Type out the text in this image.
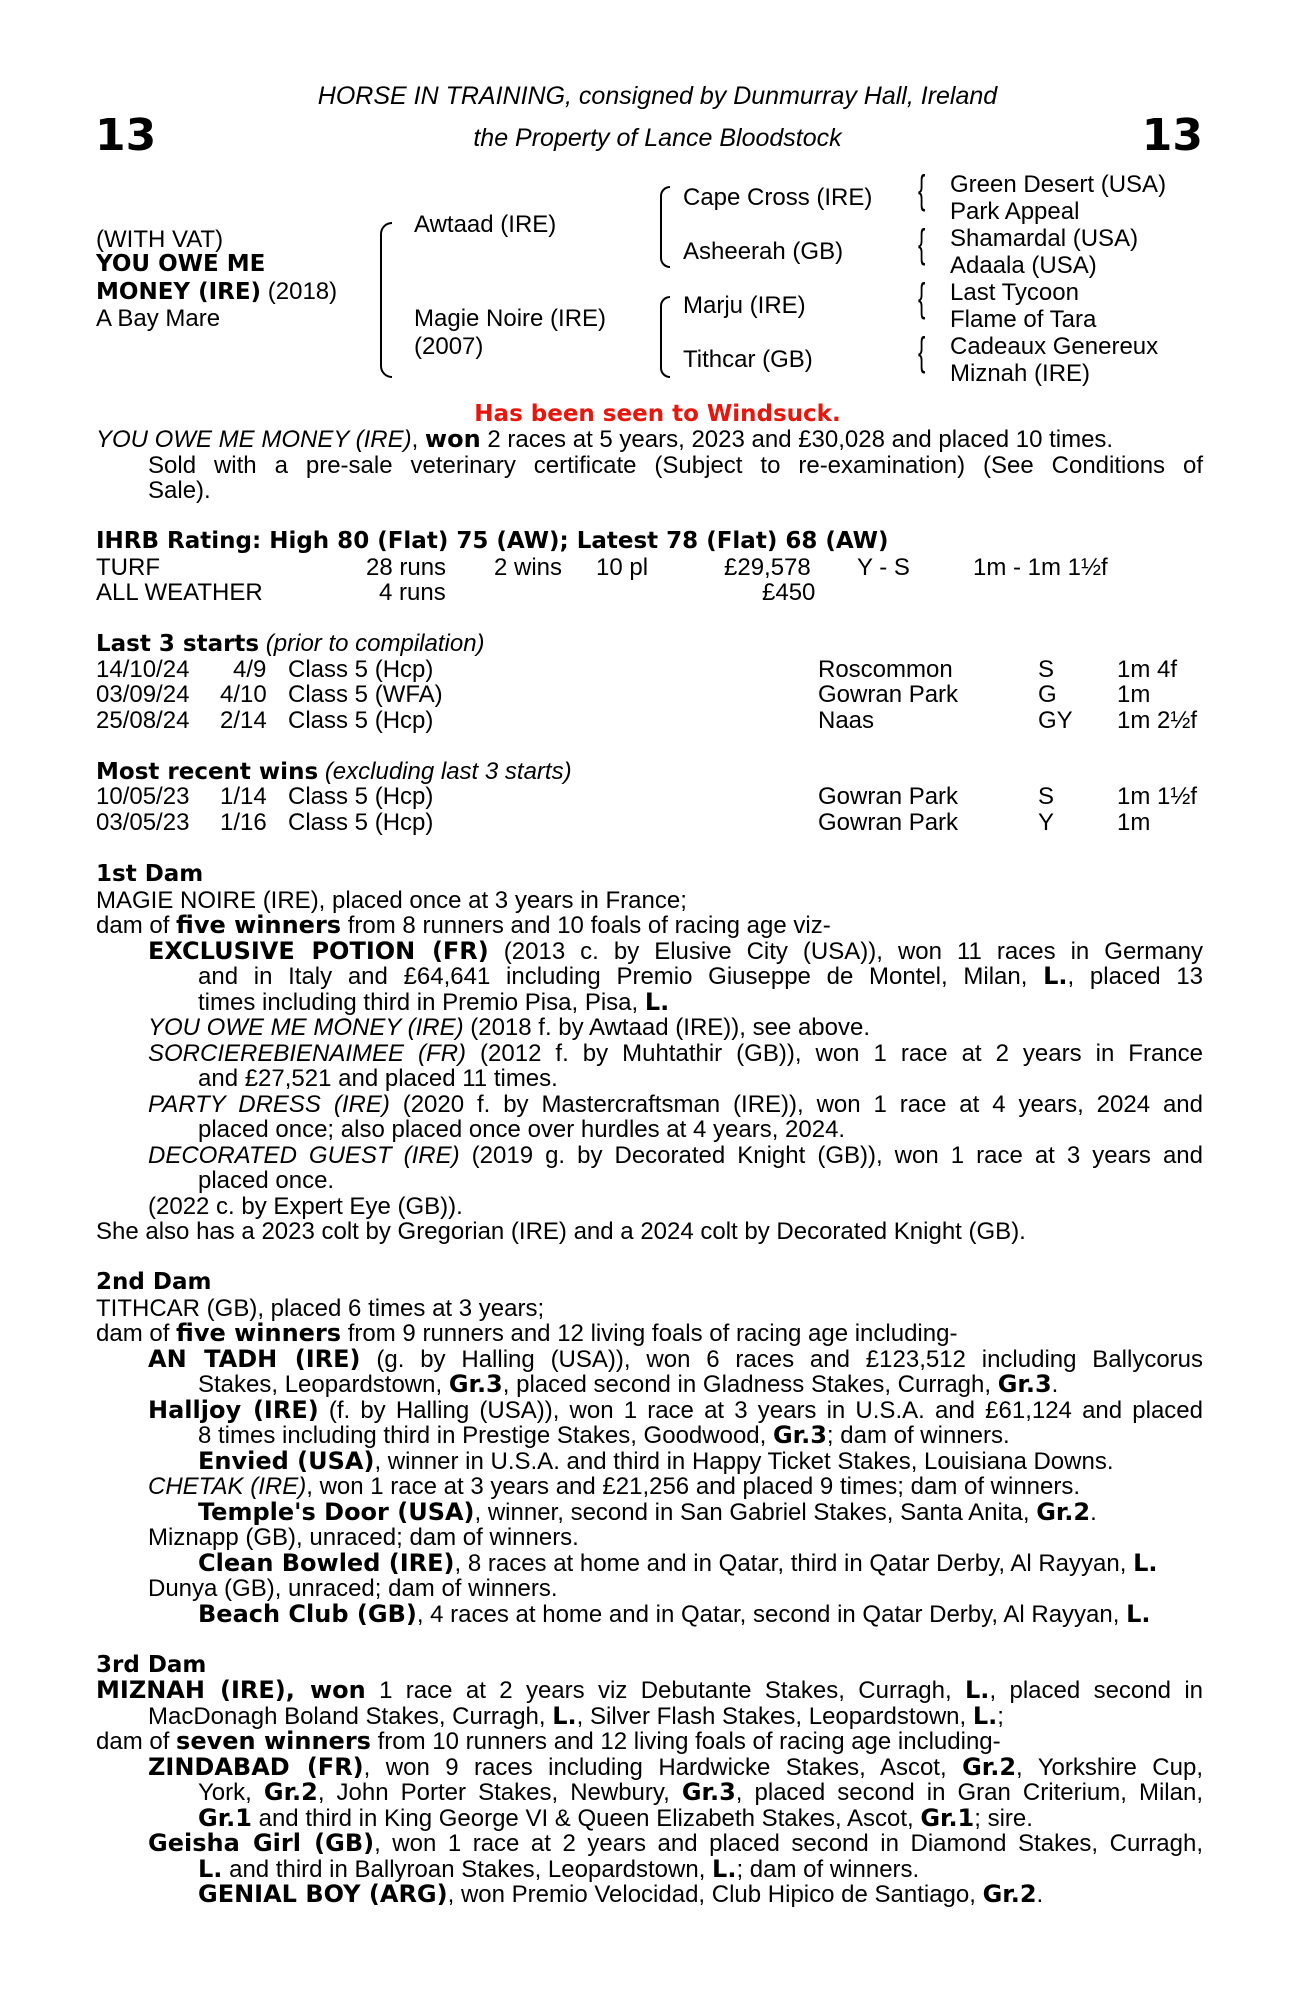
13	13
HORSE IN TRAINING, consigned by Dunmurray Hall, Ireland
the Property of Lance Bloodstock
(WITH VAT)
YOU OWE ME
MONEY (IRE) (2018)
A Bay Mare
Awtaad (IRE)
Magie Noire (IRE)
(2007)
Cape Cross (IRE)
Asheerah (GB)
Marju (IRE)
Tithcar (GB)
{
{
{
{
Green Desert (USA)
Park Appeal
Shamardal (USA)
Adaala (USA)
Last Tycoon
Flame of Tara
Cadeaux Genereux
Miznah (IRE)
Has been seen to Windsuck.
YOU OWE ME MONEY (IRE), won 2 races at 5 years, 2023 and £30,028 and placed 10 times.
Sold with a pre-sale veterinary certificate (Subject to re-examination) (See Conditions of
Sale).
IHRB Rating: High 80 (Flat) 75 (AW); Latest 78 (Flat) 68 (AW)
TURF	28 runs 2 wins 10 pl	£29,578 Y - S	1m - 1m 1½f
ALL WEATHER	4 runs	£450
Last 3 starts (prior to compilation)
14/10/24 4/9 Class 5 (Hcp)	Roscommon	S	1m 4f
03/09/24 4/10 Class 5 (WFA)	Gowran Park	G	1m
25/08/24 2/14 Class 5 (Hcp)	Naas	GY 1m 2½f
Most recent wins (excluding last 3 starts)
10/05/23 1/14 Class 5 (Hcp)	Gowran Park	S	1m 1½f
03/05/23 1/16 Class 5 (Hcp)	Gowran Park	Y	1m
1st Dam
MAGIE NOIRE (IRE), placed once at 3 years in France;
dam of five winners from 8 runners and 10 foals of racing age viz-
EXCLUSIVE POTION (FR) (2013 c. by Elusive City (USA)), won 11 races in Germany
and in Italy and £64,641 including Premio Giuseppe de Montel, Milan, L., placed 13
times including third in Premio Pisa, Pisa, L.
YOU OWE ME MONEY (IRE) (2018 f. by Awtaad (IRE)), see above.
SORCIEREBIENAIMEE (FR) (2012 f. by Muhtathir (GB)), won 1 race at 2 years in France
and £27,521 and placed 11 times.
PARTY DRESS (IRE) (2020 f. by Mastercraftsman (IRE)), won 1 race at 4 years, 2024 and
placed once; also placed once over hurdles at 4 years, 2024.
DECORATED GUEST (IRE) (2019 g. by Decorated Knight (GB)), won 1 race at 3 years and
placed once.
(2022 c. by Expert Eye (GB)).
She also has a 2023 colt by Gregorian (IRE) and a 2024 colt by Decorated Knight (GB).
2nd Dam
TITHCAR (GB), placed 6 times at 3 years;
dam of five winners from 9 runners and 12 living foals of racing age including-
AN TADH (IRE) (g. by Halling (USA)), won 6 races and £123,512 including Ballycorus
Stakes, Leopardstown, Gr.3, placed second in Gladness Stakes, Curragh, Gr.3.
Halljoy (IRE) (f. by Halling (USA)), won 1 race at 3 years in U.S.A. and £61,124 and placed
8 times including third in Prestige Stakes, Goodwood, Gr.3; dam of winners.
Envied (USA), winner in U.S.A. and third in Happy Ticket Stakes, Louisiana Downs.
CHETAK (IRE), won 1 race at 3 years and £21,256 and placed 9 times; dam of winners.
Temple's Door (USA), winner, second in San Gabriel Stakes, Santa Anita, Gr.2.
Miznapp (GB), unraced; dam of winners.
Clean Bowled (IRE), 8 races at home and in Qatar, third in Qatar Derby, Al Rayyan, L.
Dunya (GB), unraced; dam of winners.
Beach Club (GB), 4 races at home and in Qatar, second in Qatar Derby, Al Rayyan, L.
3rd Dam
MIZNAH (IRE), won 1 race at 2 years viz Debutante Stakes, Curragh, L., placed second in
MacDonagh Boland Stakes, Curragh, L., Silver Flash Stakes, Leopardstown, L.;
dam of seven winners from 10 runners and 12 living foals of racing age including-
ZINDABAD (FR), won 9 races including Hardwicke Stakes, Ascot, Gr.2, Yorkshire Cup,
York, Gr.2, John Porter Stakes, Newbury, Gr.3, placed second in Gran Criterium, Milan,
Gr.1 and third in King George VI & Queen Elizabeth Stakes, Ascot, Gr.1; sire.
Geisha Girl (GB), won 1 race at 2 years and placed second in Diamond Stakes, Curragh,
L. and third in Ballyroan Stakes, Leopardstown, L.; dam of winners.
GENIAL BOY (ARG), won Premio Velocidad, Club Hipico de Santiago, Gr.2.
